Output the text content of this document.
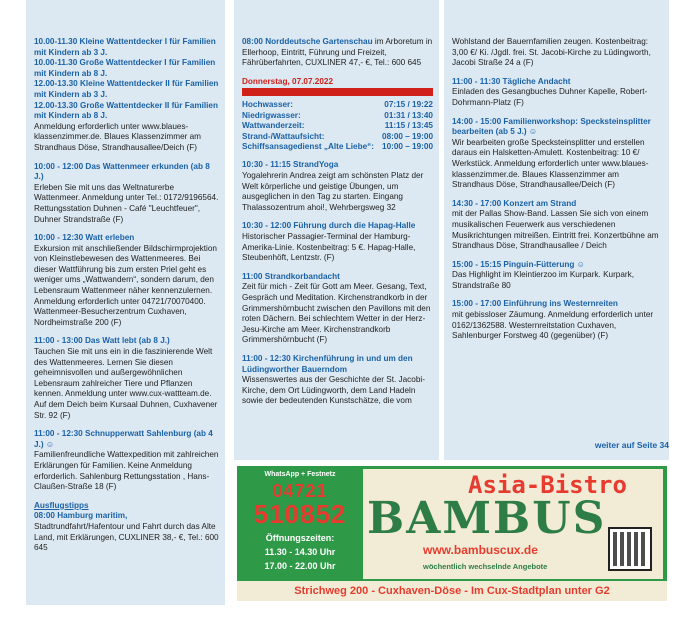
10.00-11.30 Kleine Wattentdecker I für Familien mit Kindern ab 3 J.
10.00-11.30 Große Wattentdecker I für Familien mit Kindern ab 8 J.
12.00-13.30 Kleine Wattentdecker II für Familien mit Kindern ab 3 J.
12.00-13.30 Große Wattentdecker II für Familien mit Kindern ab 8 J.
Anmeldung erforderlich unter www.blaues-klassenzimmer.de. Blaues Klassenzimmer am Strandhaus Döse, Strandhausallee/Deich (F)
10:00 - 12:00 Das Wattenmeer erkunden (ab 8 J.)
Erleben Sie mit uns das Weltnaturerbe Wattenmeer. Anmeldung unter Tel.: 0172/9196564. Rettungsstation Duhnen - Café "Leuchtfeuer", Duhner Strandstraße (F)
10:00 - 12:30 Watt erleben
Exkursion mit anschließender Bildschirmprojektion von Kleinstlebewesen des Wattenmeeres. Bei dieser Wattführung bis zum ersten Priel geht es weniger ums „Wattwandern“, sondern darum, den Lebensraum Wattenmeer näher kennenzulernen. Anmeldung erforderlich unter 04721/70070400. Wattenmeer-Besucherzentrum Cuxhaven, Nordheimstraße 200 (F)
11:00 - 13:00 Das Watt lebt (ab 8 J.)
Tauchen Sie mit uns ein in die faszinierende Welt des Wattenmeeres. Lernen Sie diesen geheimnisvollen und außergewöhnlichen Lebensraum zahlreicher Tiere und Pflanzen kennen. Anmeldung unter www.cux-wattteam.de. Auf dem Deich beim Kursaal Duhnen, Cuxhavener Str. 92 (F)
11:00 - 12:30 Schnupperwatt Sahlenburg (ab 4 J.) ☺
Familienfreundliche Wattexpedition mit zahlreichen Erklärungen für Familien. Keine Anmeldung erforderlich. Sahlenburg Rettungsstation , Hans-Claußen-Straße 18 (F)
Ausflugstipps
08:00 Hamburg maritim, Stadtrundfahrt/Hafentour und Fahrt durch das Alte Land, mit Erklärungen, CUXLINER 38,- €, Tel.: 600 645
08:00 Norddeutsche Gartenschau im Arboretum in Ellerhoop, Eintritt, Führung und Freizeit, Fährüberfahrten, CUXLINER 47,- €, Tel.: 600 645
Donnerstag, 07.07.2022
Hochwasser:	07:15 / 19:22
Niedrigwasser:	01:31 / 13:40
Wattwanderzeit:	11:15 / 13:45
Strand-/Wattaufsicht:	08:00 – 19:00
Schiffsansagedienst „Alte Liebe“:	10:00 – 19:00
10:30 - 11:15 StrandYoga
Yogalehrerin Andrea zeigt am schönsten Platz der Welt körperliche und geistige Übungen, um ausgeglichen in den Tag zu starten. Eingang Thalassozentrum ahoi!, Wehrbergsweg 32
10:30 - 12:00 Führung durch die Hapag-Halle
Historischer Passagier-Terminal der Hamburg-Amerika-Linie. Kostenbeitrag: 5 €. Hapag-Halle, Steubenhöft, Lentzstr. (F)
11:00 Strandkorbandacht
Zeit für mich - Zeit für Gott am Meer. Gesang, Text, Gespräch und Meditation. Kirchenstrandkorb in der Grimmershörnbucht zwischen den Pavillons mit den roten Dächern. Bei schlechtem Wetter in der Herz-Jesu-Kirche am Meer. Kirchenstrandkorb Grimmershörnbucht (F)
11:00 - 12:30 Kirchenführung in und um den Lüdingworther Bauerndom
Wissenswertes aus der Geschichte der St. Jacobi-Kirche, dem Ort Lüdingworth, dem Land Hadeln sowie der bedeutenden Kunstschätze, die vom
Wohlstand der Bauernfamilien zeugen. Kostenbeitrag: 3,00 €/ Ki. /Jgdl. frei. St. Jacobi-Kirche zu Lüdingworth, Jacobi Straße 24 a (F)
11:00 - 11:30 Tägliche Andacht
Einladen des Gesangbuches Duhner Kapelle, Robert-Dohrmann-Platz (F)
14:00 - 15:00 Familienworkshop: Specksteinsplitter bearbeiten (ab 5 J.) ☺
Wir bearbeiten große Specksteinsplitter und erstellen daraus ein Halsketten-Amulett. Kostenbeitrag: 10 €/ Werkstück. Anmeldung erforderlich unter www.blaues-klassenzimmer.de. Blaues Klassenzimmer am Strandhaus Döse, Strandhausallee/Deich (F)
14:30 - 17:00 Konzert am Strand
mit der Pallas Show-Band. Lassen Sie sich von einem musikalischen Feuerwerk aus verschiedenen Musikrichtungen mitreißen. Eintritt frei. Konzertbühne am Strandhaus Döse, Strandhausallee / Deich
15:00 - 15:15 Pinguin-Fütterung ☺
Das Highlight im Kleintierzoo im Kurpark. Kurpark, Strandstraße 80
15:00 - 17:00 Einführung ins Westernreiten
mit gebissloser Zäumung. Anmeldung erforderlich unter 0162/1362588. Westernreitstation Cuxhaven, Sahlenburger Forstweg 40 (gegenüber) (F)
weiter auf Seite 34
WhatsApp + Festnetz
04721
510852
Öffnungszeiten:
11.30 - 14.30 Uhr
17.00 - 22.00 Uhr
Asia-Bistro
BAMBUS
www.bambuscux.de
wöchentlich wechselnde Angebote
Strichweg 200 - Cuxhaven-Döse - Im Cux-Stadtplan unter G2
